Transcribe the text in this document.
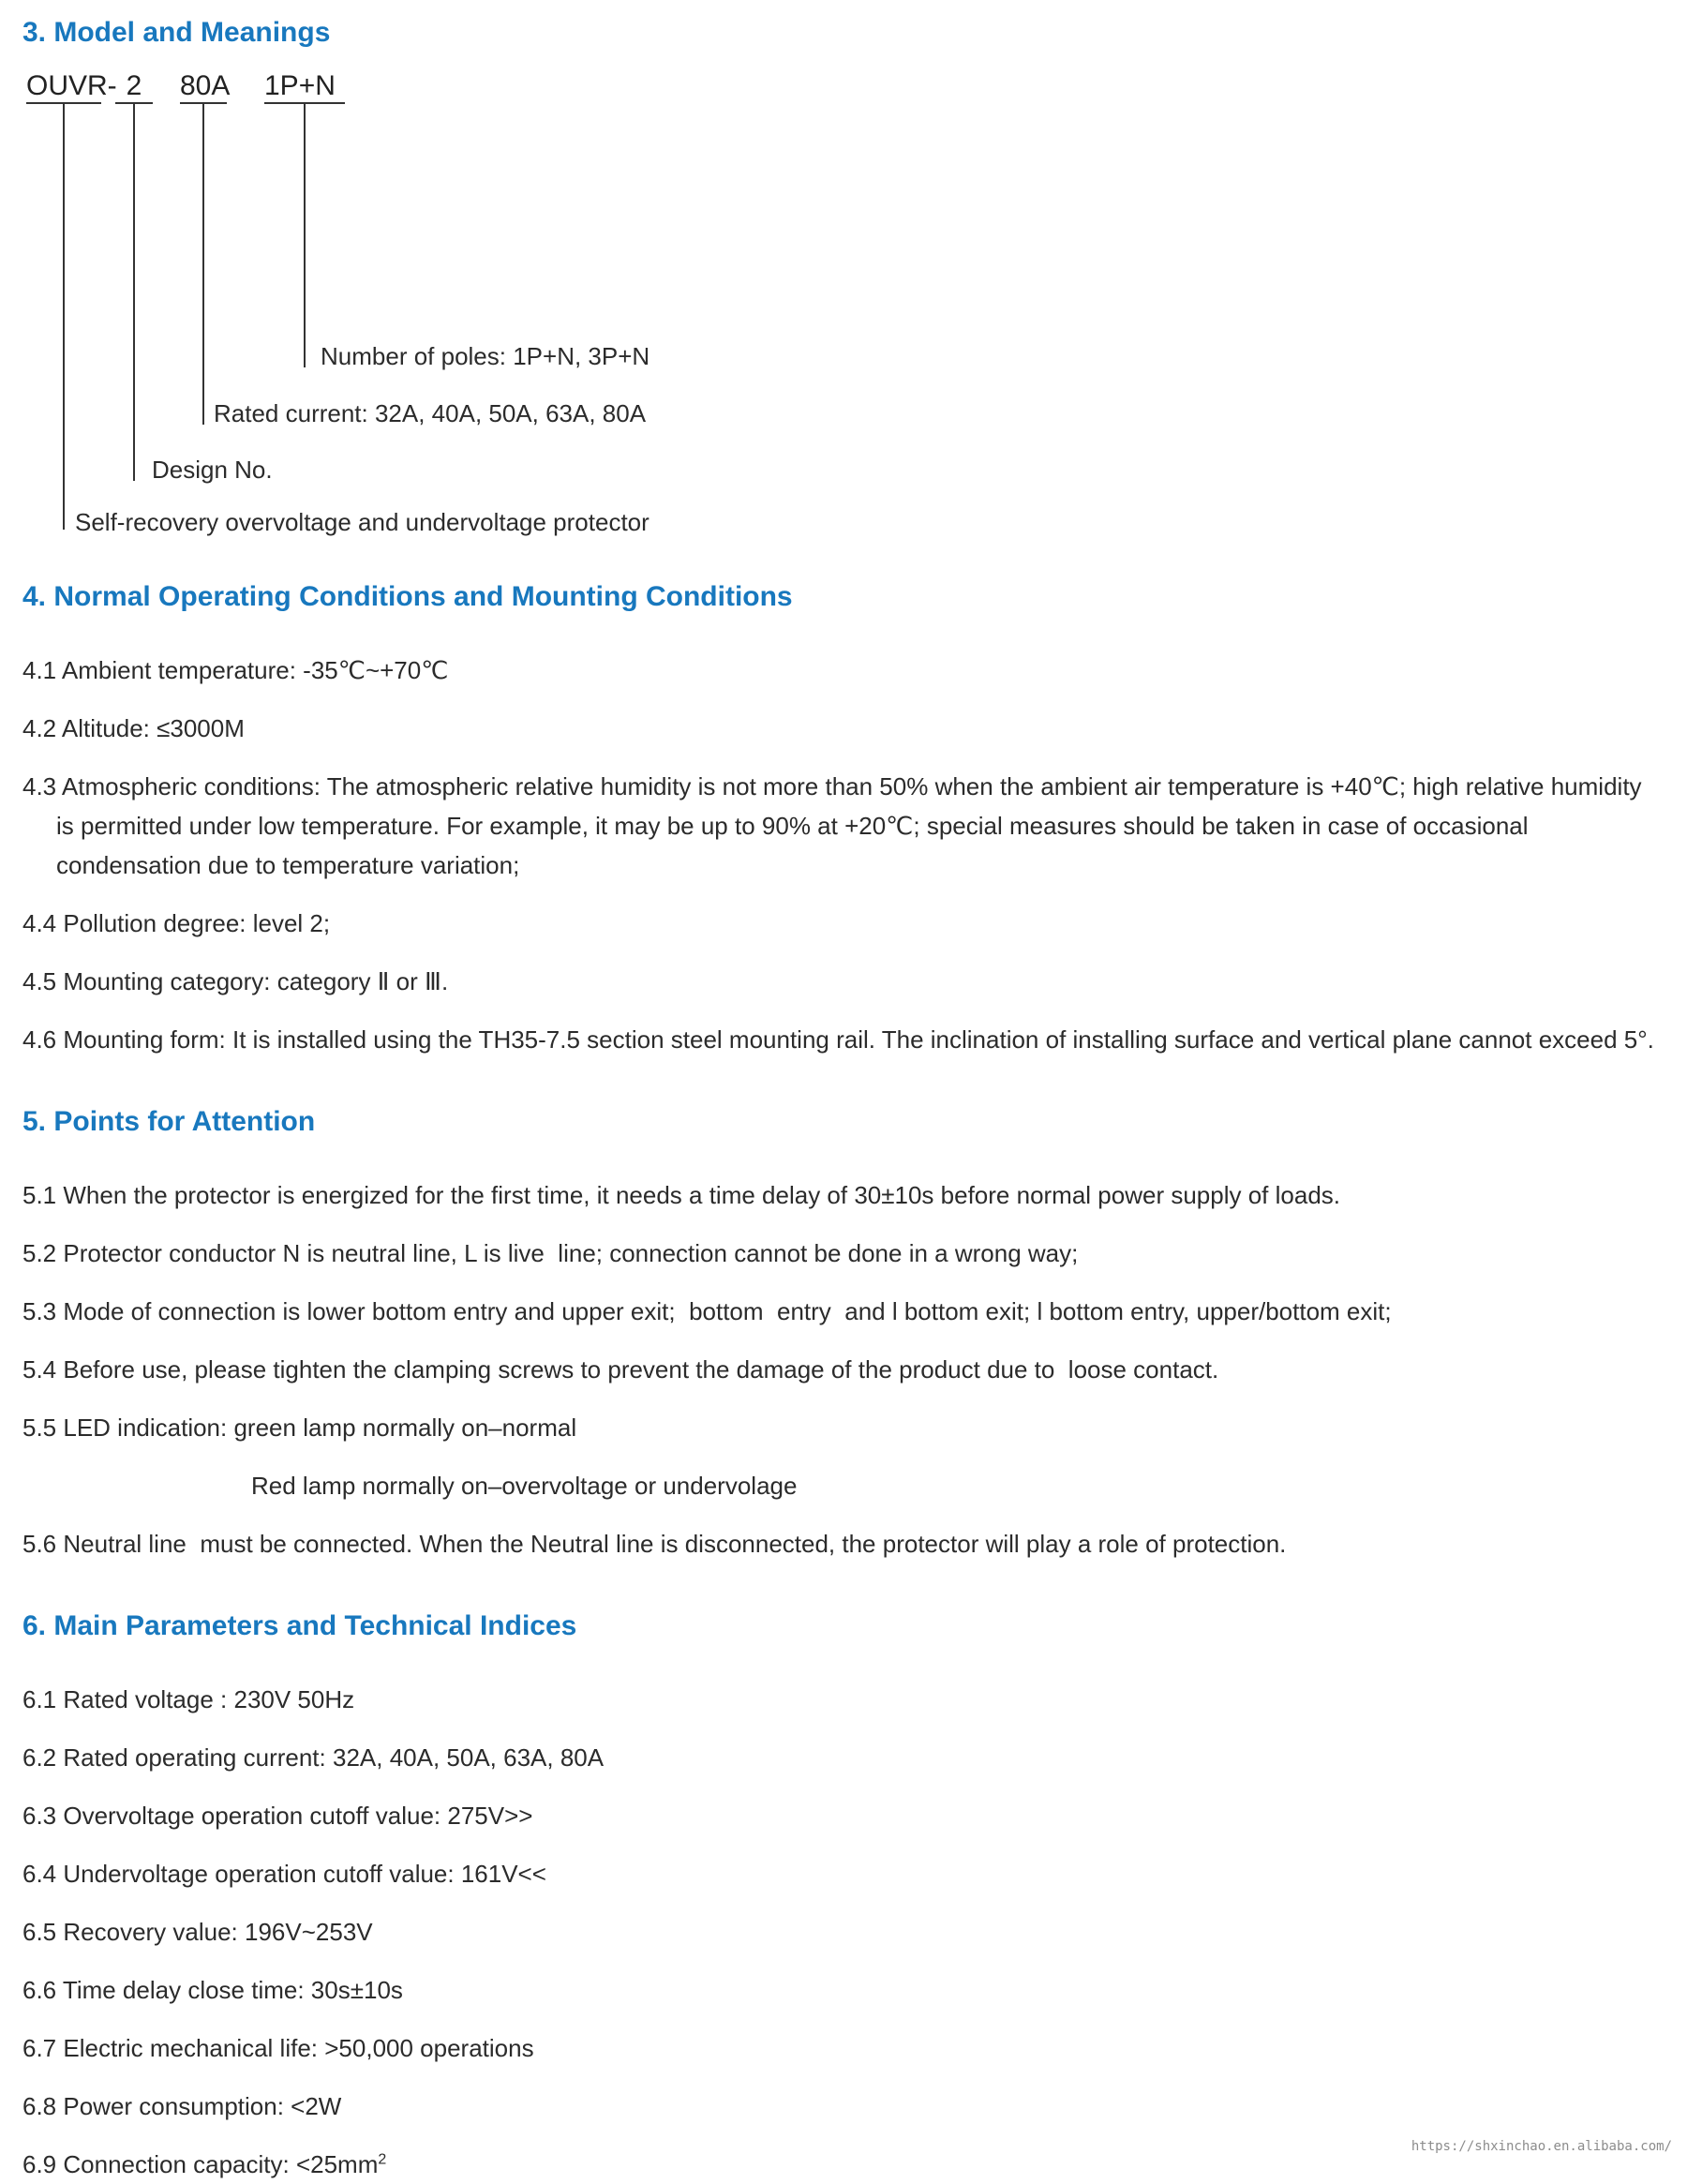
3. Model and Meanings
OUVR- 2	80A 1P+N
Number of poles: 1P+N, 3P+N
Rated current: 32A, 40A, 50A, 63A, 80A
Design No.
Self-recovery overvoltage and undervoltage protector
4. Normal Operating Conditions and Mounting Conditions

4.1 Ambient temperature: -35℃~+70℃

4.2 Altitude: ≤3000M

4.3 Atmospheric conditions: The atmospheric relative humidity is not more than 50% when the ambient air temperature is +40℃; high relative humidity is permitted under low temperature. For example, it may be up to 90% at +20℃; special measures should be taken in case of occasional condensation due to temperature variation;

4.4 Pollution degree: level 2;

4.5 Mounting category: category Ⅱ or Ⅲ.

4.6 Mounting form: It is installed using the TH35-7.5 section steel mounting rail. The inclination of installing surface and vertical plane cannot exceed 5°.

5. Points for Attention

5.1 When the protector is energized for the first time, it needs a time delay of 30±10s before normal power supply of loads.

5.2 Protector conductor N is neutral line, L is live  line; connection cannot be done in a wrong way;

5.3 Mode of connection is lower bottom entry and upper exit;  bottom  entry  and l bottom exit; l bottom entry, upper/bottom exit;

5.4 Before use, please tighten the clamping screws to prevent the damage of the product due to  loose contact.

5.5 LED indication: green lamp normally on–normal

Red lamp normally on–overvoltage or undervolage

5.6 Neutral line  must be connected. When the Neutral line is disconnected, the protector will play a role of protection.

6. Main Parameters and Technical Indices

6.1 Rated voltage : 230V 50Hz

6.2 Rated operating current: 32A, 40A, 50A, 63A, 80A

6.3 Overvoltage operation cutoff value: 275V>>

6.4 Undervoltage operation cutoff value: 161V<<

6.5 Recovery value: 196V~253V

6.6 Time delay close time: 30s±10s

6.7 Electric mechanical life: >50,000 operations

6.8 Power consumption: <2W

6.9 Connection capacity: $<25mm^2$

https://shxinchao.en.alibaba.com/
